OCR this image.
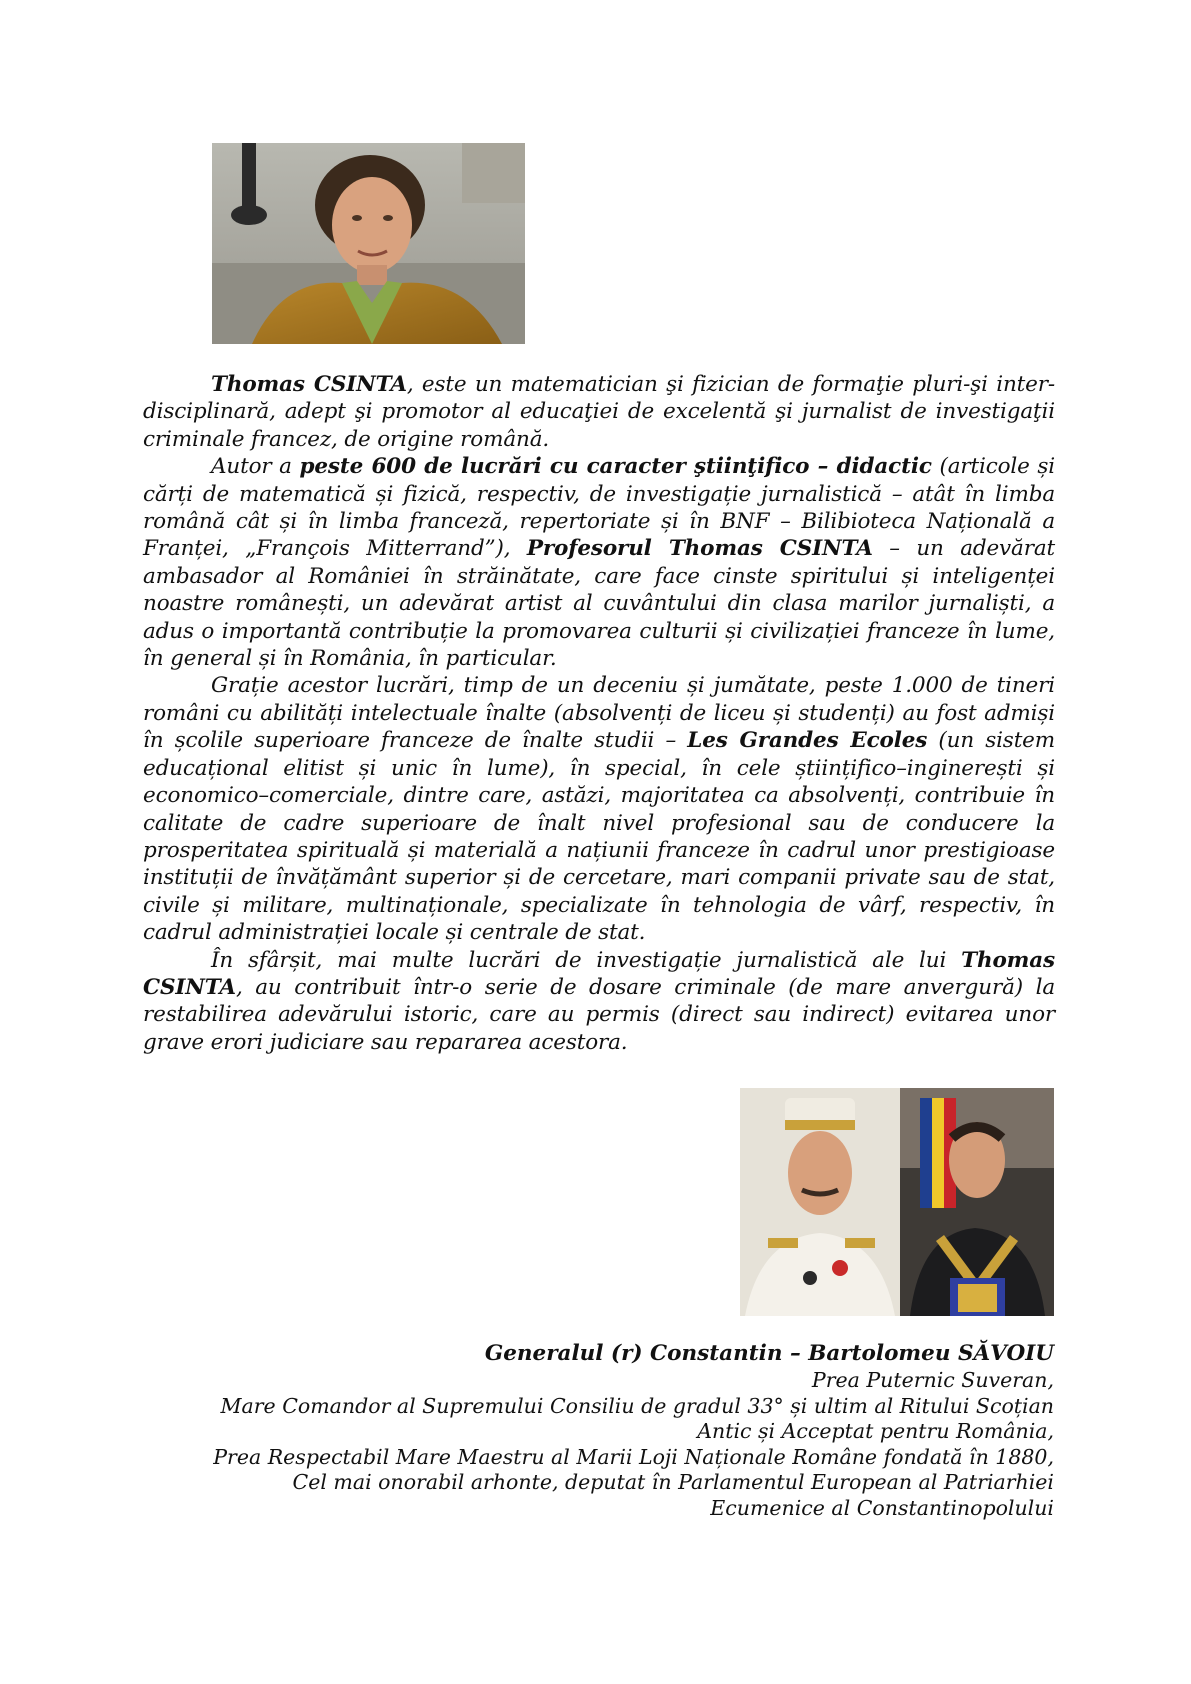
Thomas CSINTA, este un matematician şi fizician de formaţie pluri-şi inter-disciplinară, adept şi promotor al educaţiei de excelentă şi jurnalist de investigaţii criminale francez, de origine română.

Autor a peste 600 de lucrări cu caracter ştiinţifico – didactic (articole și cărți de matematică și fizică, respectiv, de investigație jurnalistică – atât în limba română cât și în limba franceză, repertoriate și în BNF – Bilibioteca Națională a Franței, „François Mitterrand”), Profesorul Thomas CSINTA – un adevărat ambasador al României în străinătate, care face cinste spiritului și inteligenței noastre românești, un adevărat artist al cuvântului din clasa marilor jurnaliști, a adus o importantă contribuție la promovarea culturii și civilizației franceze în lume, în general și în România, în particular.

Grație acestor lucrări, timp de un deceniu și jumătate, peste 1.000 de tineri români cu abilități intelectuale înalte (absolvenți de liceu și studenți) au fost admiși în școlile superioare franceze de înalte studii – Les Grandes Ecoles (un sistem educațional elitist și unic în lume), în special, în cele științifico–inginerești și economico–comerciale, dintre care, astăzi, majoritatea ca absolvenți, contribuie în calitate de cadre superioare de înalt nivel profesional sau de conducere la prosperitatea spirituală și materială a națiunii franceze în cadrul unor prestigioase instituții de învățământ superior și de cercetare, mari companii private sau de stat, civile și militare, multinaționale, specializate în tehnologia de vârf, respectiv, în cadrul administrației locale și centrale de stat.

În sfârșit, mai multe lucrări de investigație jurnalistică ale lui Thomas CSINTA, au contribuit într-o serie de dosare criminale (de mare anvergură) la restabilirea adevărului istoric, care au permis (direct sau indirect) evitarea unor grave erori judiciare sau repararea acestora.

Generalul (r) Constantin – Bartolomeu SĂVOIU
Prea Puternic Suveran,
Mare Comandor al Supremului Consiliu de gradul 33° și ultim al Ritului Scoțian
Antic și Acceptat pentru România,
Prea Respectabil Mare Maestru al Marii Loji Naționale Române fondată în 1880,
Cel mai onorabil arhonte, deputat în Parlamentul European al Patriarhiei
Ecumenice al Constantinopolului
